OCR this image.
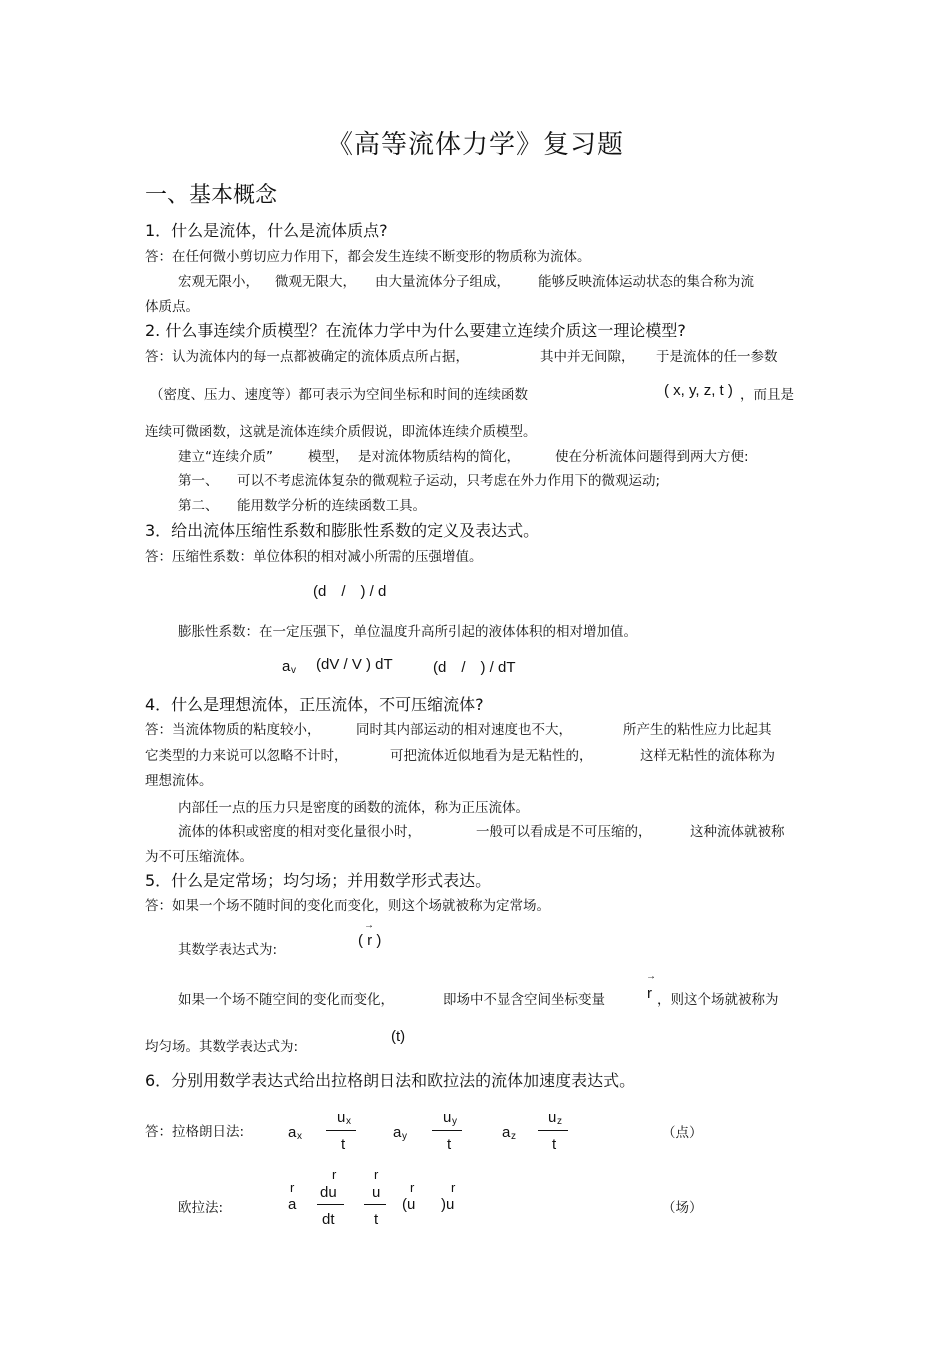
《高等流体力学》复习题
一、基本概念
1．什么是流体，什么是流体质点?
答：在任何微小剪切应力作用下，都会发生连续不断变形的物质称为流体。
宏观无限小， 微观无限大， 由大量流体分子组成， 能够反映流体运动状态的集合称为流
体质点。
2. 什么事连续介质模型？在流体力学中为什么要建立连续介质这一理论模型?
答：认为流体内的每一点都被确定的流体质点所占据，	其中并无间隙， 于是流体的任一参数
（密度、压力、速度等）都可表示为空间坐标和时间的连续函数	( x, y, z, t ) ，而且是
连续可微函数，这就是流体连续介质假说，即流体连续介质模型。
建立“连续介质”	模型， 是对流体物质结构的简化，	使在分析流体问题得到两大方便:
第一、 可以不考虑流体复杂的微观粒子运动，只考虑在外力作用下的微观运动;
第二、 能用数学分析的连续函数工具。
3．给出流体压缩性系数和膨胀性系数的定义及表达式。
答：压缩性系数：单位体积的相对减小所需的压强增值。
(d　/　) / d
膨胀性系数：在一定压强下，单位温度升高所引起的液体体积的相对增加值。
a v (dV / V ) dT	(d　/　) / dT
4．什么是理想流体，正压流体，不可压缩流体?
答：当流体物质的粘度较小，	同时其内部运动的相对速度也不大，	所产生的粘性应力比起其
它类型的力来说可以忽略不计时，	可把流体近似地看为是无粘性的，	这样无粘性的流体称为
理想流体。
内部任一点的压力只是密度的函数的流体，称为正压流体。
流体的体积或密度的相对变化量很小时，	一般可以看成是不可压缩的，	这种流体就被称
为不可压缩流体。
5．什么是定常场；均匀场；并用数学形式表达。
答：如果一个场不随时间的变化而变化，则这个场就被称为定常场。
其数学表达式为:
→
( r )
如果一个场不随空间的变化而变化，	即场中不显含空间坐标变量
→
r ，则这个场就被称为
均匀场。其数学表达式为:
(t)
6．分别用数学表达式给出拉格朗日法和欧拉法的流体加速度表达式。
答：拉格朗日法:	a x
u x
t
a y
u y
t
a z
u z
t
（点）
欧拉法:
r
a
r
du
dt
r
u
t
r
(u
r
)u	（场）
